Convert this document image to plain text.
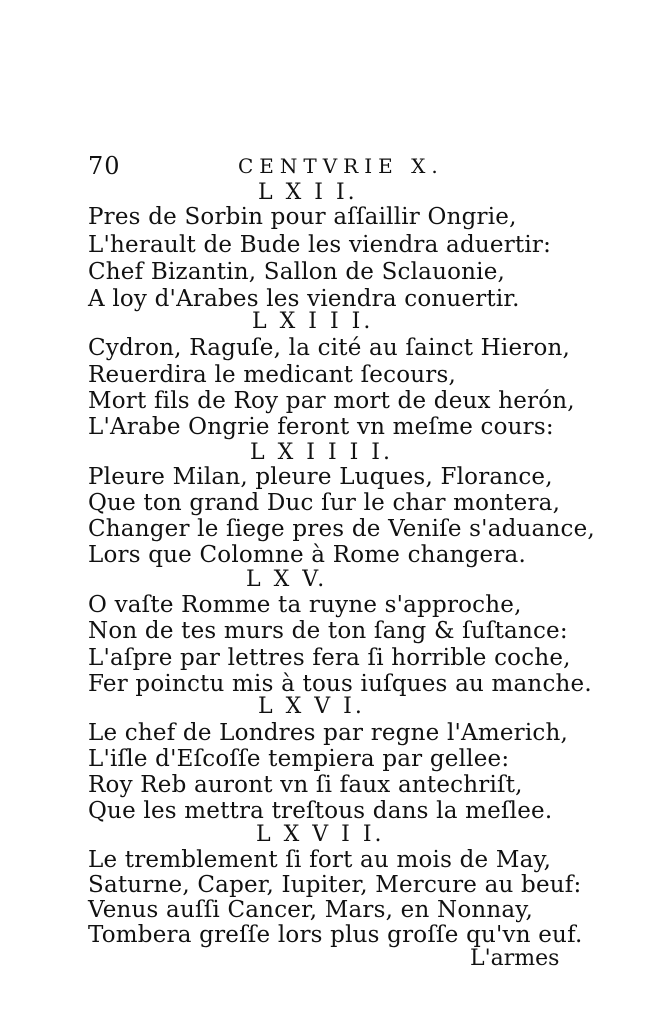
70	CENTVRIE X.
L X I I.
Pres de Sorbin pour aſſaillir Ongrie,
L'herault de Bude les viendra aduertir:
Chef Bizantin, Sallon de Sclauonie,
A loy d'Arabes les viendra conuertir.
L X I I I.
Cydron, Raguſe, la cité au ſainct Hieron,
Reuerdira le medicant ſecours,
Mort fils de Roy par mort de deux herón,
L'Arabe Ongrie feront vn meſme cours:
L X I I I I.
Pleure Milan, pleure Luques, Florance,
Que ton grand Duc ſur le char montera,
Changer le ſiege pres de Veniſe s'aduance,
Lors que Colomne à Rome changera.
L X V.
O vaſte Romme ta ruyne s'approche,
Non de tes murs de ton ſang & ſuſtance:
L'aſpre par lettres fera ſi horrible coche,
Fer poinctu mis à tous iuſques au manche.
L X V I.
Le chef de Londres par regne l'Americh,
L'iſle d'Eſcoſſe tempiera par gellee:
Roy Reb auront vn ſi faux antechriſt,
Que les mettra treſtous dans la meſlee.
L X V I I.
Le tremblement ſi fort au mois de May,
Saturne, Caper, Iupiter, Mercure au beuf:
Venus auſſi Cancer, Mars, en Nonnay,
Tombera greſſe lors plus groſſe qu'vn euf.
L'armes
